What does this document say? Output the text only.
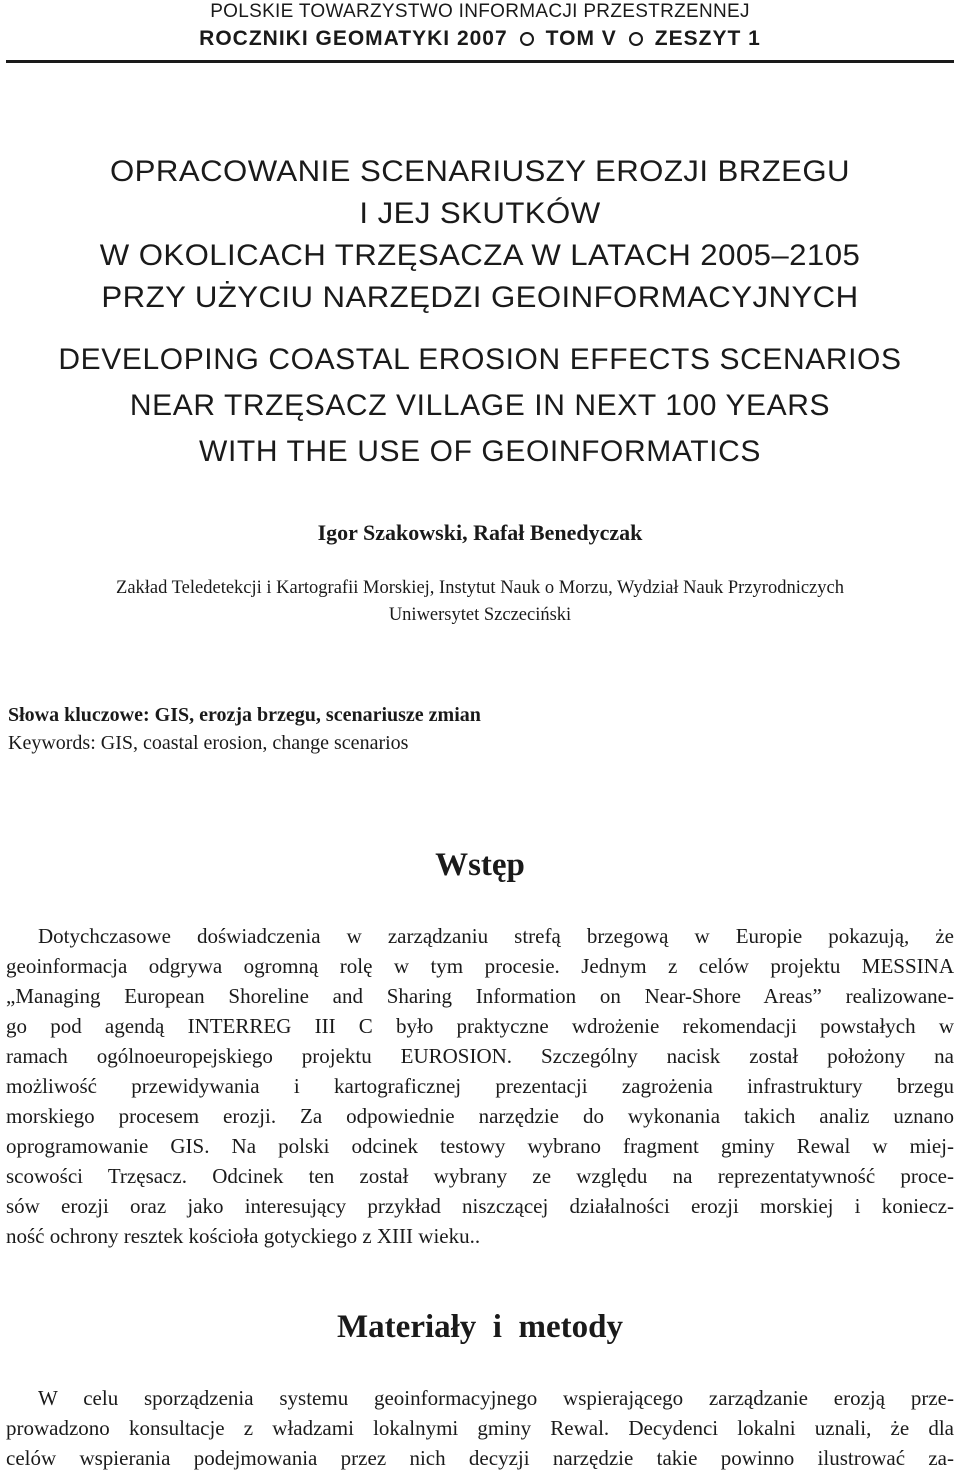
POLSKIE TOWARZYSTWO INFORMACJI PRZESTRZENNEJ
ROCZNIKI GEOMATYKI 2007 TOM V ZESZYT 1
OPRACOWANIE SCENARIUSZY EROZJI BRZEGU
I JEJ SKUTKÓW
W OKOLICACH TRZĘSACZA W LATACH 2005–2105
PRZY UŻYCIU NARZĘDZI GEOINFORMACYJNYCH
DEVELOPING COASTAL EROSION EFFECTS SCENARIOS
NEAR TRZĘSACZ VILLAGE IN NEXT 100 YEARS
WITH THE USE OF GEOINFORMATICS
Igor Szakowski, Rafał Benedyczak
Zakład Teledetekcji i Kartografii Morskiej, Instytut Nauk o Morzu, Wydział Nauk Przyrodniczych
Uniwersytet Szczeciński
Słowa kluczowe: GIS, erozja brzegu, scenariusze zmian
Keywords: GIS, coastal erosion, change scenarios
Wstęp
Dotychczasowe doświadczenia w zarządzaniu strefą brzegową w Europie pokazują, że
geoinformacja odgrywa ogromną rolę w tym procesie. Jednym z celów projektu MESSINA
„Managing European Shoreline and Sharing Information on Near-Shore Areas” realizowane-
go pod agendą INTERREG III C było praktyczne wdrożenie rekomendacji powstałych w
ramach ogólnoeuropejskiego projektu EUROSION. Szczególny nacisk został położony na
możliwość przewidywania i kartograficznej prezentacji zagrożenia infrastruktury brzegu
morskiego procesem erozji. Za odpowiednie narzędzie do wykonania takich analiz uznano
oprogramowanie GIS. Na polski odcinek testowy wybrano fragment gminy Rewal w miej-
scowości Trzęsacz. Odcinek ten został wybrany ze względu na reprezentatywność proce-
sów erozji oraz jako interesujący przykład niszczącej działalności erozji morskiej i koniecz-
ność ochrony resztek kościoła gotyckiego z XIII wieku..
Materiały  i  metody
W celu sporządzenia systemu geoinformacyjnego wspierającego zarządzanie erozją prze-
prowadzono konsultacje z władzami lokalnymi gminy Rewal. Decydenci lokalni uznali, że dla
celów wspierania podejmowania przez nich decyzji narzędzie takie powinno ilustrować za-
